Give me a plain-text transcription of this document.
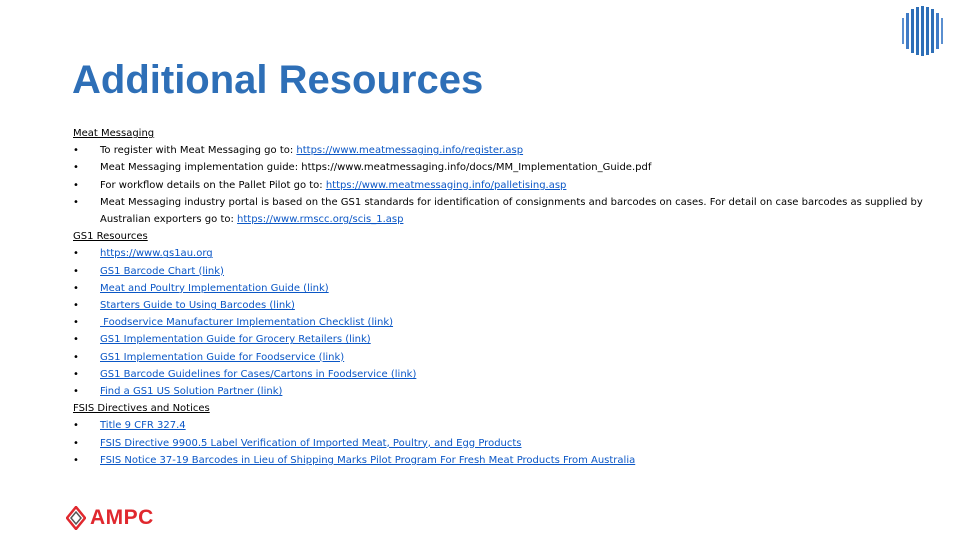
Additional Resources
Meat Messaging
• To register with Meat Messaging go to: https://www.meatmessaging.info/register.asp
• Meat Messaging implementation guide: https://www.meatmessaging.info/docs/MM_Implementation_Guide.pdf
• For workflow details on the Pallet Pilot go to: https://www.meatmessaging.info/palletising.asp
• Meat Messaging industry portal is based on the GS1 standards for identification of consignments and barcodes on cases. For detail on case barcodes as supplied by Australian exporters go to: https://www.rmscc.org/scis_1.asp
GS1 Resources
• https://www.gs1au.org
• GS1 Barcode Chart (link)
• Meat and Poultry Implementation Guide (link)
• Starters Guide to Using Barcodes (link)
• Foodservice Manufacturer Implementation Checklist (link)
• GS1 Implementation Guide for Grocery Retailers (link)
• GS1 Implementation Guide for Foodservice (link)
• GS1 Barcode Guidelines for Cases/Cartons in Foodservice (link)
• Find a GS1 US Solution Partner (link)
FSIS Directives and Notices
• Title 9 CFR 327.4
• FSIS Directive 9900.5 Label Verification of Imported Meat, Poultry, and Egg Products
• FSIS Notice 37-19 Barcodes in Lieu of Shipping Marks Pilot Program For Fresh Meat Products From Australia
AMPC
